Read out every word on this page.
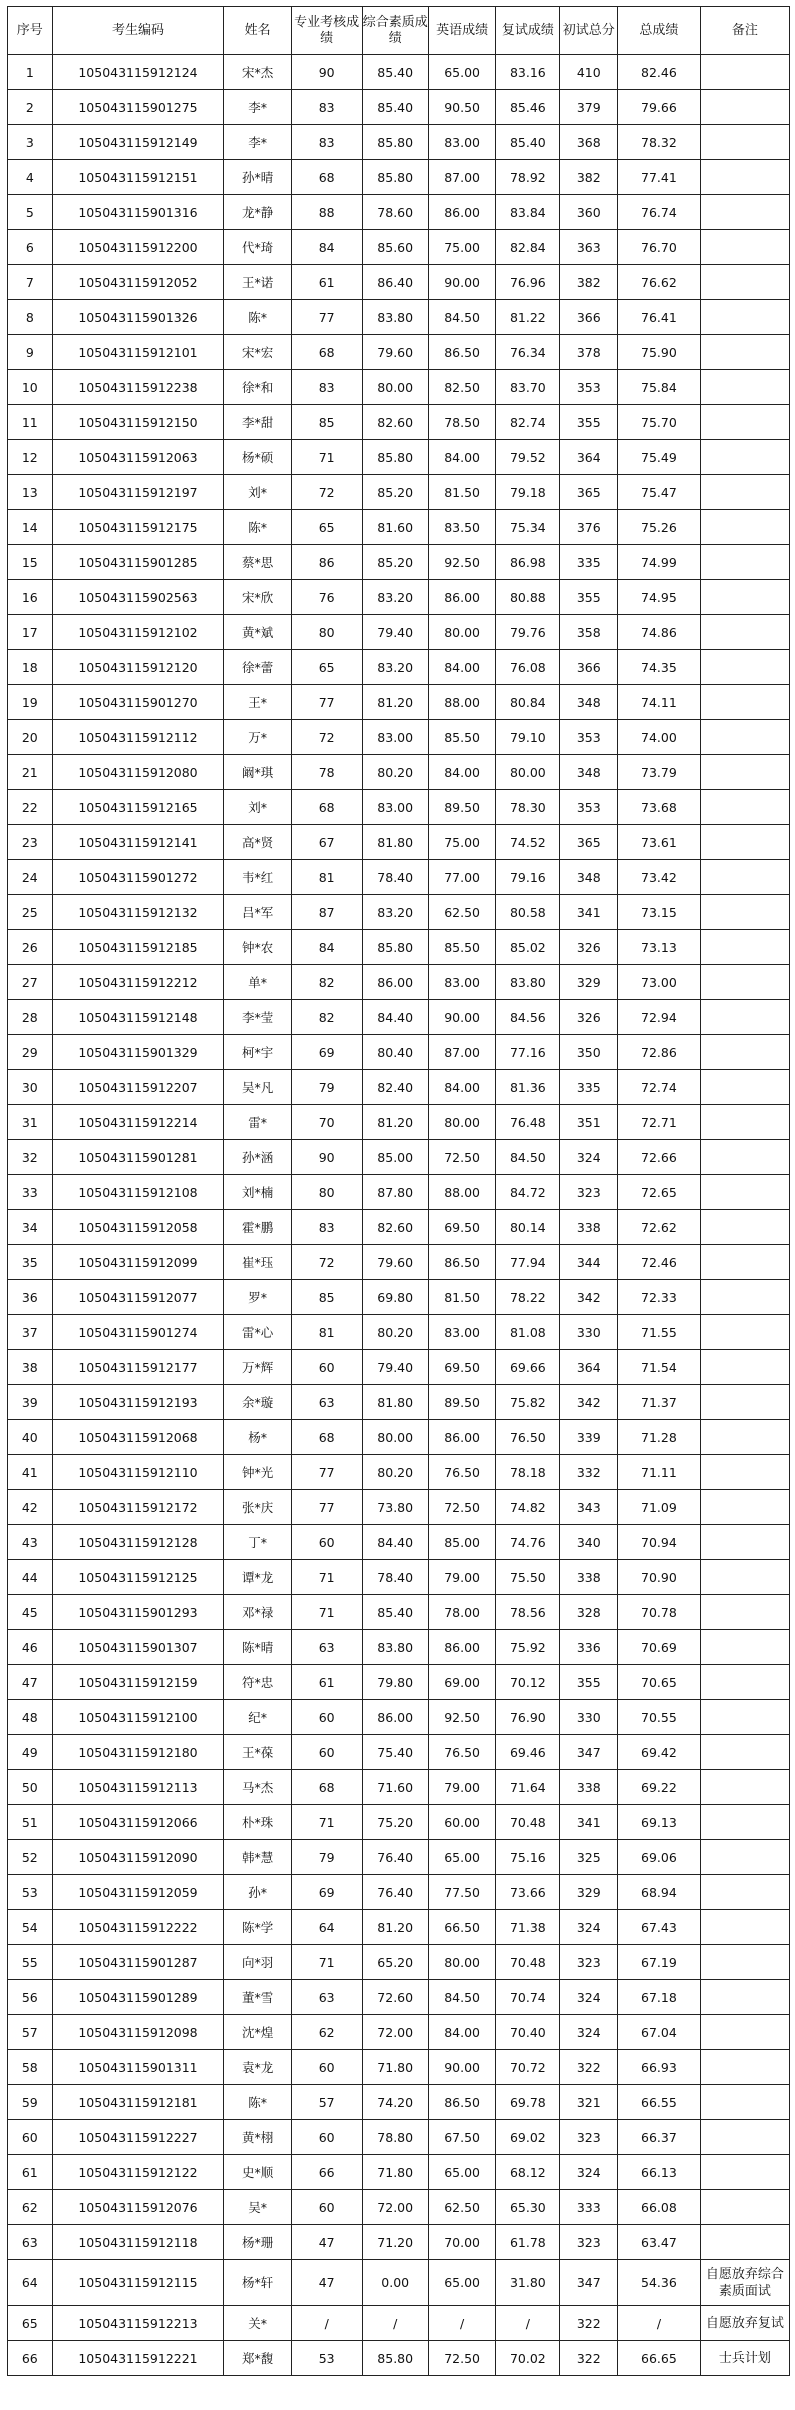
序号	考生编码	姓名	专业考核成绩	综合素质成绩	英语成绩	复试成绩	初试总分	总成绩	备注
1	105043115912124	宋*杰	90	85.40	65.00	83.16	410	82.46	
2	105043115901275	李*	83	85.40	90.50	85.46	379	79.66	
3	105043115912149	李*	83	85.80	83.00	85.40	368	78.32	
4	105043115912151	孙*晴	68	85.80	87.00	78.92	382	77.41	
5	105043115901316	龙*静	88	78.60	86.00	83.84	360	76.74	
6	105043115912200	代*琦	84	85.60	75.00	82.84	363	76.70	
7	105043115912052	王*诺	61	86.40	90.00	76.96	382	76.62	
8	105043115901326	陈*	77	83.80	84.50	81.22	366	76.41	
9	105043115912101	宋*宏	68	79.60	86.50	76.34	378	75.90	
10	105043115912238	徐*和	83	80.00	82.50	83.70	353	75.84	
11	105043115912150	李*甜	85	82.60	78.50	82.74	355	75.70	
12	105043115912063	杨*硕	71	85.80	84.00	79.52	364	75.49	
13	105043115912197	刘*	72	85.20	81.50	79.18	365	75.47	
14	105043115912175	陈*	65	81.60	83.50	75.34	376	75.26	
15	105043115901285	蔡*思	86	85.20	92.50	86.98	335	74.99	
16	105043115902563	宋*欣	76	83.20	86.00	80.88	355	74.95	
17	105043115912102	黄*斌	80	79.40	80.00	79.76	358	74.86	
18	105043115912120	徐*蕾	65	83.20	84.00	76.08	366	74.35	
19	105043115901270	王*	77	81.20	88.00	80.84	348	74.11	
20	105043115912112	万*	72	83.00	85.50	79.10	353	74.00	
21	105043115912080	阚*琪	78	80.20	84.00	80.00	348	73.79	
22	105043115912165	刘*	68	83.00	89.50	78.30	353	73.68	
23	105043115912141	高*贤	67	81.80	75.00	74.52	365	73.61	
24	105043115901272	韦*红	81	78.40	77.00	79.16	348	73.42	
25	105043115912132	吕*军	87	83.20	62.50	80.58	341	73.15	
26	105043115912185	钟*农	84	85.80	85.50	85.02	326	73.13	
27	105043115912212	单*	82	86.00	83.00	83.80	329	73.00	
28	105043115912148	李*莹	82	84.40	90.00	84.56	326	72.94	
29	105043115901329	柯*宇	69	80.40	87.00	77.16	350	72.86	
30	105043115912207	吴*凡	79	82.40	84.00	81.36	335	72.74	
31	105043115912214	雷*	70	81.20	80.00	76.48	351	72.71	
32	105043115901281	孙*涵	90	85.00	72.50	84.50	324	72.66	
33	105043115912108	刘*楠	80	87.80	88.00	84.72	323	72.65	
34	105043115912058	霍*鹏	83	82.60	69.50	80.14	338	72.62	
35	105043115912099	崔*珏	72	79.60	86.50	77.94	344	72.46	
36	105043115912077	罗*	85	69.80	81.50	78.22	342	72.33	
37	105043115901274	雷*心	81	80.20	83.00	81.08	330	71.55	
38	105043115912177	万*辉	60	79.40	69.50	69.66	364	71.54	
39	105043115912193	余*璇	63	81.80	89.50	75.82	342	71.37	
40	105043115912068	杨*	68	80.00	86.00	76.50	339	71.28	
41	105043115912110	钟*光	77	80.20	76.50	78.18	332	71.11	
42	105043115912172	张*庆	77	73.80	72.50	74.82	343	71.09	
43	105043115912128	丁*	60	84.40	85.00	74.76	340	70.94	
44	105043115912125	谭*龙	71	78.40	79.00	75.50	338	70.90	
45	105043115901293	邓*禄	71	85.40	78.00	78.56	328	70.78	
46	105043115901307	陈*晴	63	83.80	86.00	75.92	336	70.69	
47	105043115912159	符*忠	61	79.80	69.00	70.12	355	70.65	
48	105043115912100	纪*	60	86.00	92.50	76.90	330	70.55	
49	105043115912180	王*葆	60	75.40	76.50	69.46	347	69.42	
50	105043115912113	马*杰	68	71.60	79.00	71.64	338	69.22	
51	105043115912066	朴*珠	71	75.20	60.00	70.48	341	69.13	
52	105043115912090	韩*慧	79	76.40	65.00	75.16	325	69.06	
53	105043115912059	孙*	69	76.40	77.50	73.66	329	68.94	
54	105043115912222	陈*学	64	81.20	66.50	71.38	324	67.43	
55	105043115901287	向*羽	71	65.20	80.00	70.48	323	67.19	
56	105043115901289	董*雪	63	72.60	84.50	70.74	324	67.18	
57	105043115912098	沈*煌	62	72.00	84.00	70.40	324	67.04	
58	105043115901311	袁*龙	60	71.80	90.00	70.72	322	66.93	
59	105043115912181	陈*	57	74.20	86.50	69.78	321	66.55	
60	105043115912227	黄*栩	60	78.80	67.50	69.02	323	66.37	
61	105043115912122	史*顺	66	71.80	65.00	68.12	324	66.13	
62	105043115912076	吴*	60	72.00	62.50	65.30	333	66.08	
63	105043115912118	杨*珊	47	71.20	70.00	61.78	323	63.47	
64	105043115912115	杨*轩	47	0.00	65.00	31.80	347	54.36	自愿放弃综合素质面试
65	105043115912213	关*	/	/	/	/	322	/	自愿放弃复试
66	105043115912221	郑*馥	53	85.80	72.50	70.02	322	66.65	士兵计划
